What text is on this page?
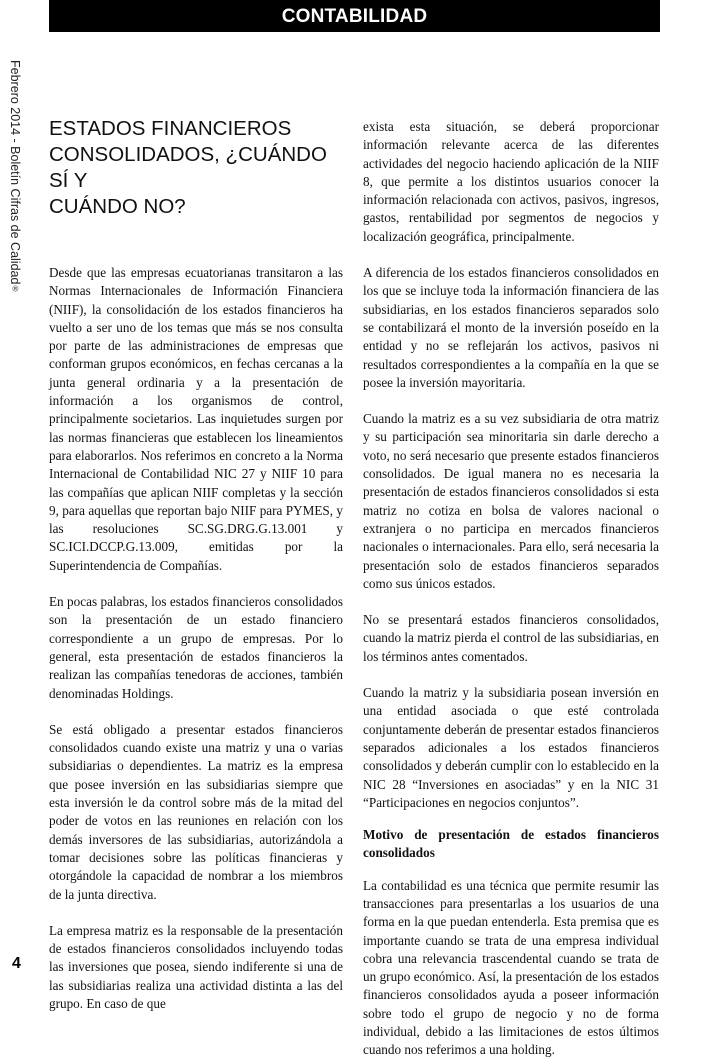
CONTABILIDAD
Febrero 2014 - Boletín Cifras de Calidad®
4
ESTADOS FINANCIEROS
CONSOLIDADOS, ¿CUÁNDO SÍ Y
CUÁNDO NO?

Desde que las empresas ecuatorianas transitaron a las Normas Internacionales de Información Financiera (NIIF), la consolidación de los estados financieros ha vuelto a ser uno de los temas que más se nos consulta por parte de las administraciones de empresas que conforman grupos económicos, en fechas cercanas a la junta general ordinaria y a la presentación de información a los organismos de control, principalmente societarios. Las inquietudes surgen por las normas financieras que establecen los lineamientos para elaborarlos. Nos referimos en concreto a la Norma Internacional de Contabilidad NIC 27 y NIIF 10 para las compañías que aplican NIIF completas y la sección 9, para aquellas que reportan bajo NIIF para PYMES, y las resoluciones SC.SG.DRG.G.13.001 y SC.ICI.DCCP.G.13.009, emitidas por la Superintendencia de Compañías.

En pocas palabras, los estados financieros consolidados son la presentación de un estado financiero correspondiente a un grupo de empresas. Por lo general, esta presentación de estados financieros la realizan las compañías tenedoras de acciones, también denominadas Holdings.

Se está obligado a presentar estados financieros consolidados cuando existe una matriz y una o varias subsidiarias o dependientes. La matriz es la empresa que posee inversión en las subsidiarias siempre que esta inversión le da control sobre más de la mitad del poder de votos en las reuniones en relación con los demás inversores de las subsidiarias, autorizándola a tomar decisiones sobre las políticas financieras y otorgándole la capacidad de nombrar a los miembros de la junta directiva.

La empresa matriz es la responsable de la presentación de estados financieros consolidados incluyendo todas las inversiones que posea, siendo indiferente si una de las subsidiarias realiza una actividad distinta a las del grupo. En caso de que

exista esta situación, se deberá proporcionar información relevante acerca de las diferentes actividades del negocio haciendo aplicación de la NIIF 8, que permite a los distintos usuarios conocer la información relacionada con activos, pasivos, ingresos, gastos, rentabilidad por segmentos de negocios y localización geográfica, principalmente.

A diferencia de los estados financieros consolidados en los que se incluye toda la información financiera de las subsidiarias, en los estados financieros separados solo se contabilizará el monto de la inversión poseído en la entidad y no se reflejarán los activos, pasivos ni resultados correspondientes a la compañía en la que se posee la inversión mayoritaria.

Cuando la matriz es a su vez subsidiaria de otra matriz y su participación sea minoritaria sin darle derecho a voto, no será necesario que presente estados financieros consolidados. De igual manera no es necesaria la presentación de estados financieros consolidados si esta matriz no cotiza en bolsa de valores nacional o extranjera o no participa en mercados financieros nacionales o internacionales. Para ello, será necesaria la presentación solo de estados financieros separados como sus únicos estados.

No se presentará estados financieros consolidados, cuando la matriz pierda el control de las subsidiarias, en los términos antes comentados.

Cuando la matriz y la subsidiaria posean inversión en una entidad asociada o que esté controlada conjuntamente deberán de presentar estados financieros separados adicionales a los estados financieros consolidados y deberán cumplir con lo establecido en la NIC 28 “Inversiones en asociadas” y en la NIC 31 “Participaciones en negocios conjuntos”.

Motivo de presentación de estados financieros consolidados

La contabilidad es una técnica que permite resumir las transacciones para presentarlas a los usuarios de una forma en la que puedan entenderla. Esta premisa que es importante cuando se trata de una empresa individual cobra una relevancia trascendental cuando se trata de un grupo económico. Así, la presentación de los estados financieros consolidados ayuda a poseer información sobre todo el grupo de negocio y no de forma individual, debido a las limitaciones de estos últimos cuando nos referimos a una holding.
